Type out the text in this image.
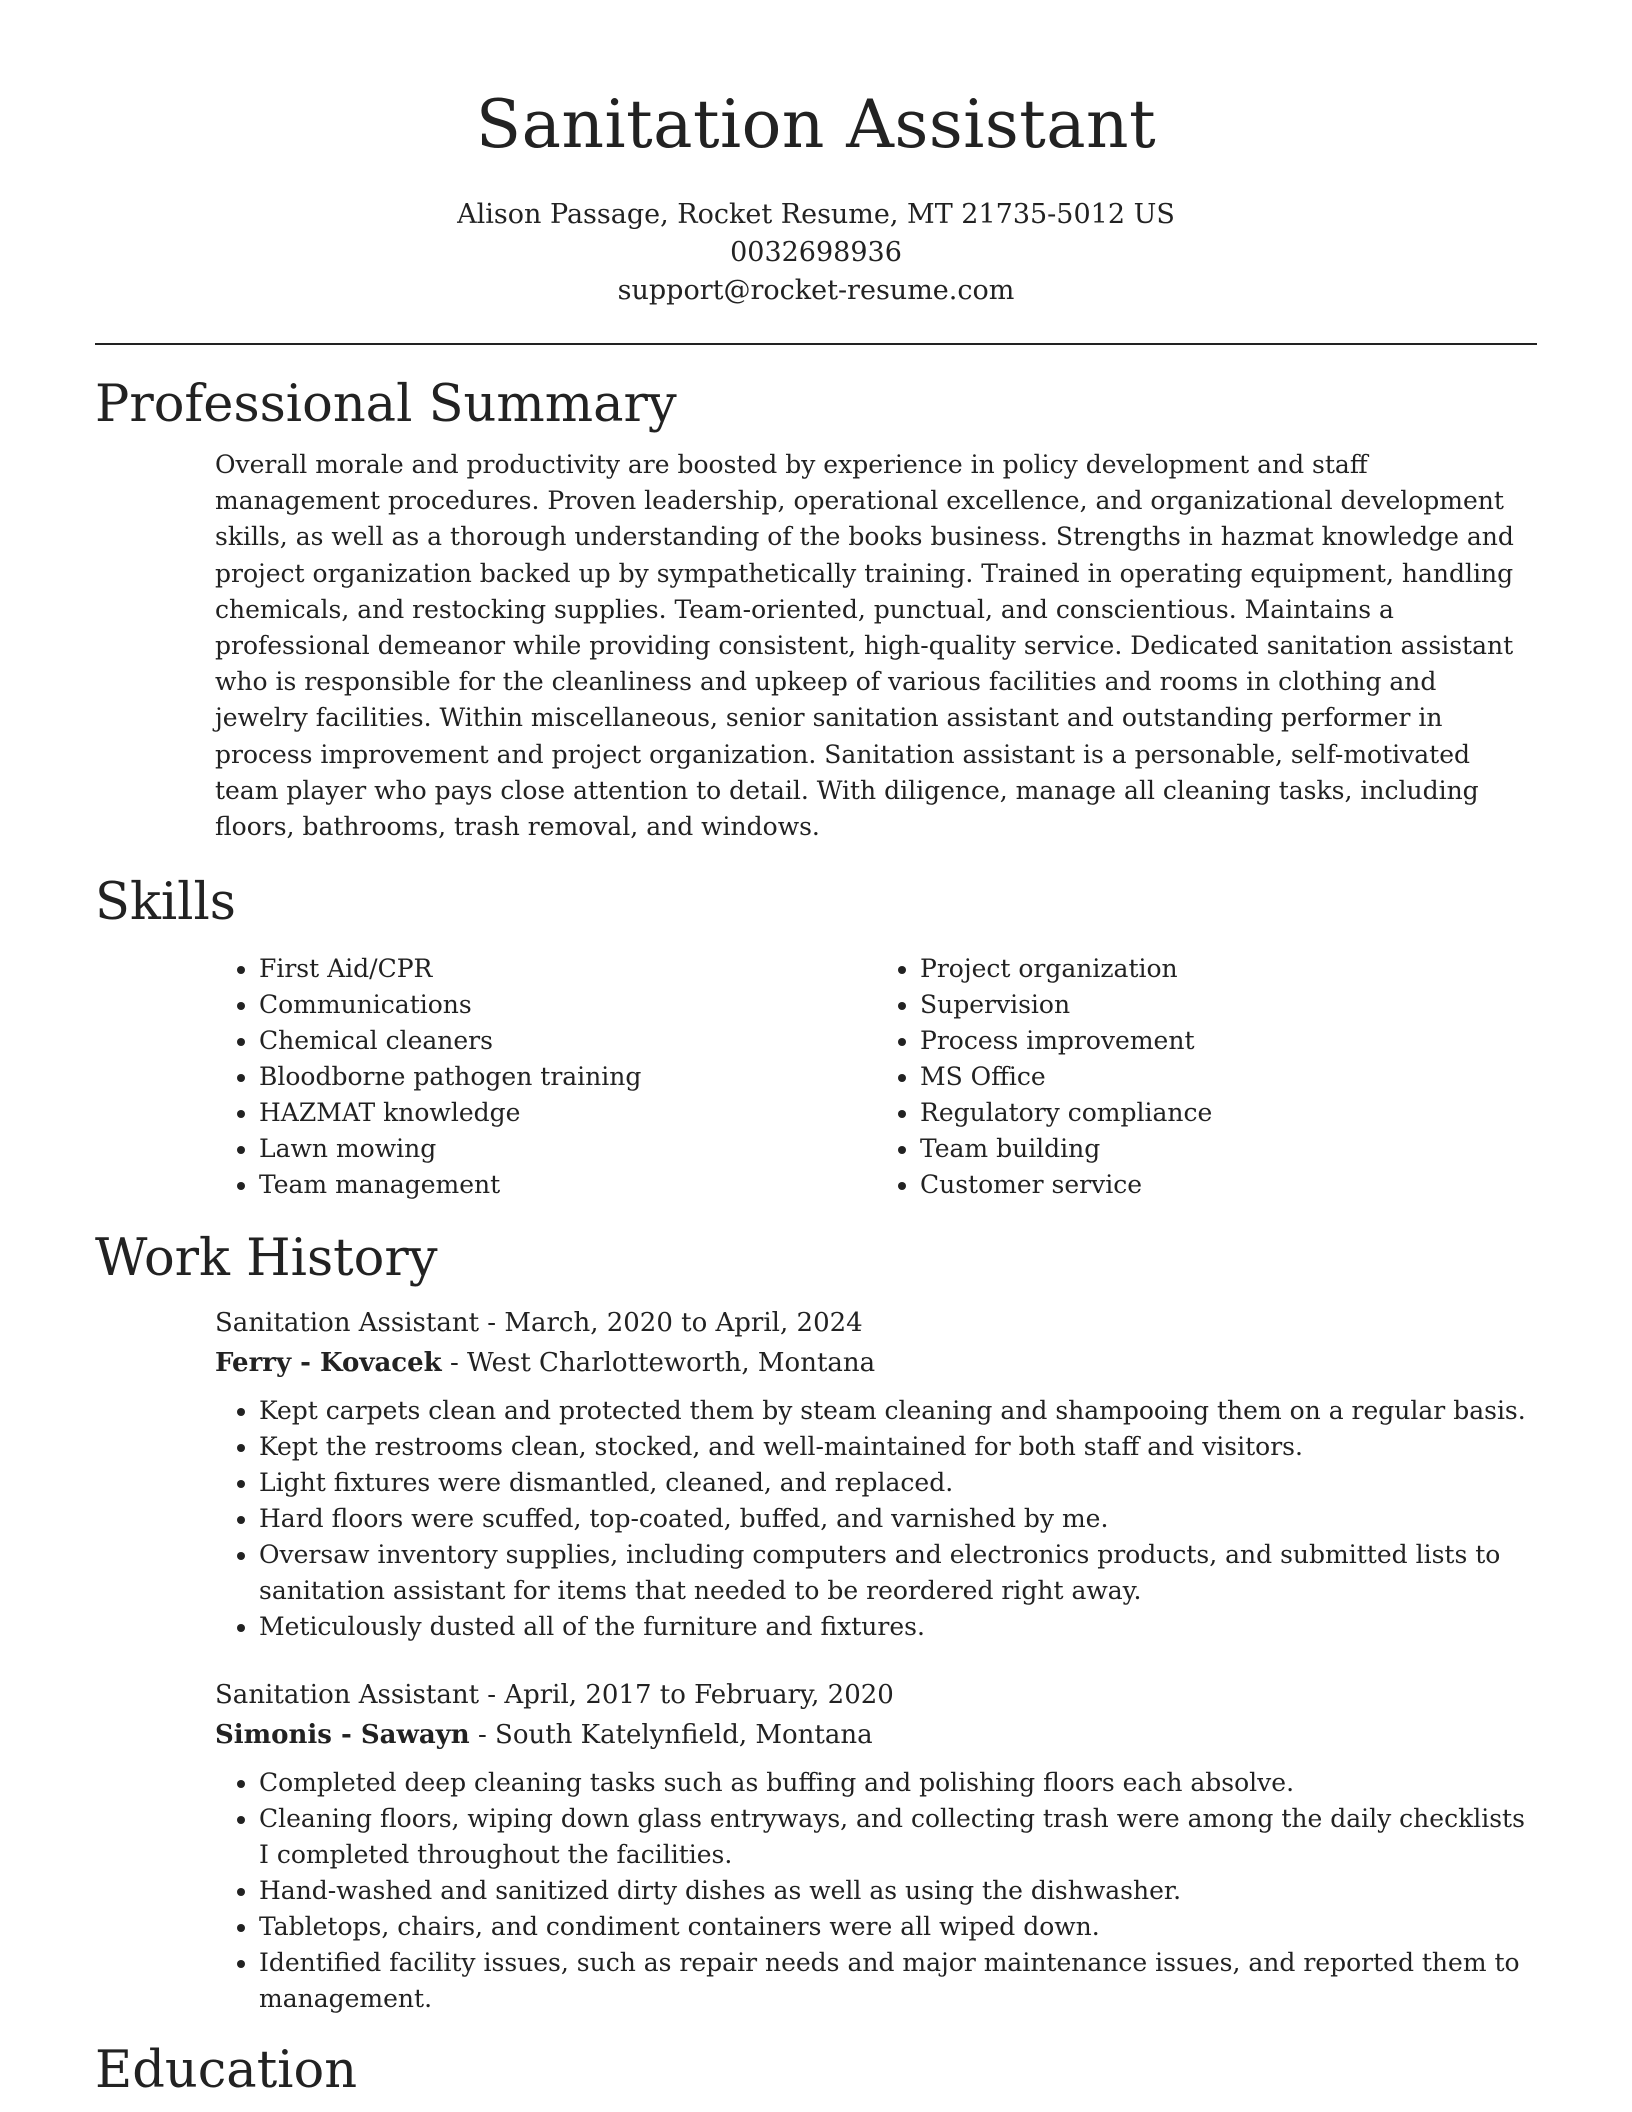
Sanitation Assistant
Alison Passage, Rocket Resume, MT 21735-5012 US
0032698936
support@rocket-resume.com
Professional Summary

Overall morale and productivity are boosted by experience in policy development and staff management procedures. Proven leadership, operational excellence, and organizational development skills, as well as a thorough understanding of the books business. Strengths in hazmat knowledge and project organization backed up by sympathetically training. Trained in operating equipment, handling chemicals, and restocking supplies. Team-oriented, punctual, and conscientious. Maintains a professional demeanor while providing consistent, high-quality service. Dedicated sanitation assistant who is responsible for the cleanliness and upkeep of various facilities and rooms in clothing and jewelry facilities. Within miscellaneous, senior sanitation assistant and outstanding performer in process improvement and project organization. Sanitation assistant is a personable, self-motivated team player who pays close attention to detail. With diligence, manage all cleaning tasks, including floors, bathrooms, trash removal, and windows.

Skills
• First Aid/CPR
• Communications
• Chemical cleaners
• Bloodborne pathogen training
• HAZMAT knowledge
• Lawn mowing
• Team management
• Project organization
• Supervision
• Process improvement
• MS Office
• Regulatory compliance
• Team building
• Customer service
Work History
Sanitation Assistant - March, 2020 to April, 2024
Ferry - Kovacek - West Charlotteworth, Montana
• Kept carpets clean and protected them by steam cleaning and shampooing them on a regular basis.
• Kept the restrooms clean, stocked, and well-maintained for both staff and visitors.
• Light fixtures were dismantled, cleaned, and replaced.
• Hard floors were scuffed, top-coated, buffed, and varnished by me.
• Oversaw inventory supplies, including computers and electronics products, and submitted lists to sanitation assistant for items that needed to be reordered right away.
• Meticulously dusted all of the furniture and fixtures.
Sanitation Assistant - April, 2017 to February, 2020
Simonis - Sawayn - South Katelynfield, Montana
• Completed deep cleaning tasks such as buffing and polishing floors each absolve.
• Cleaning floors, wiping down glass entryways, and collecting trash were among the daily checklists I completed throughout the facilities.
• Hand-washed and sanitized dirty dishes as well as using the dishwasher.
• Tabletops, chairs, and condiment containers were all wiped down.
• Identified facility issues, such as repair needs and major maintenance issues, and reported them to management.
Education
